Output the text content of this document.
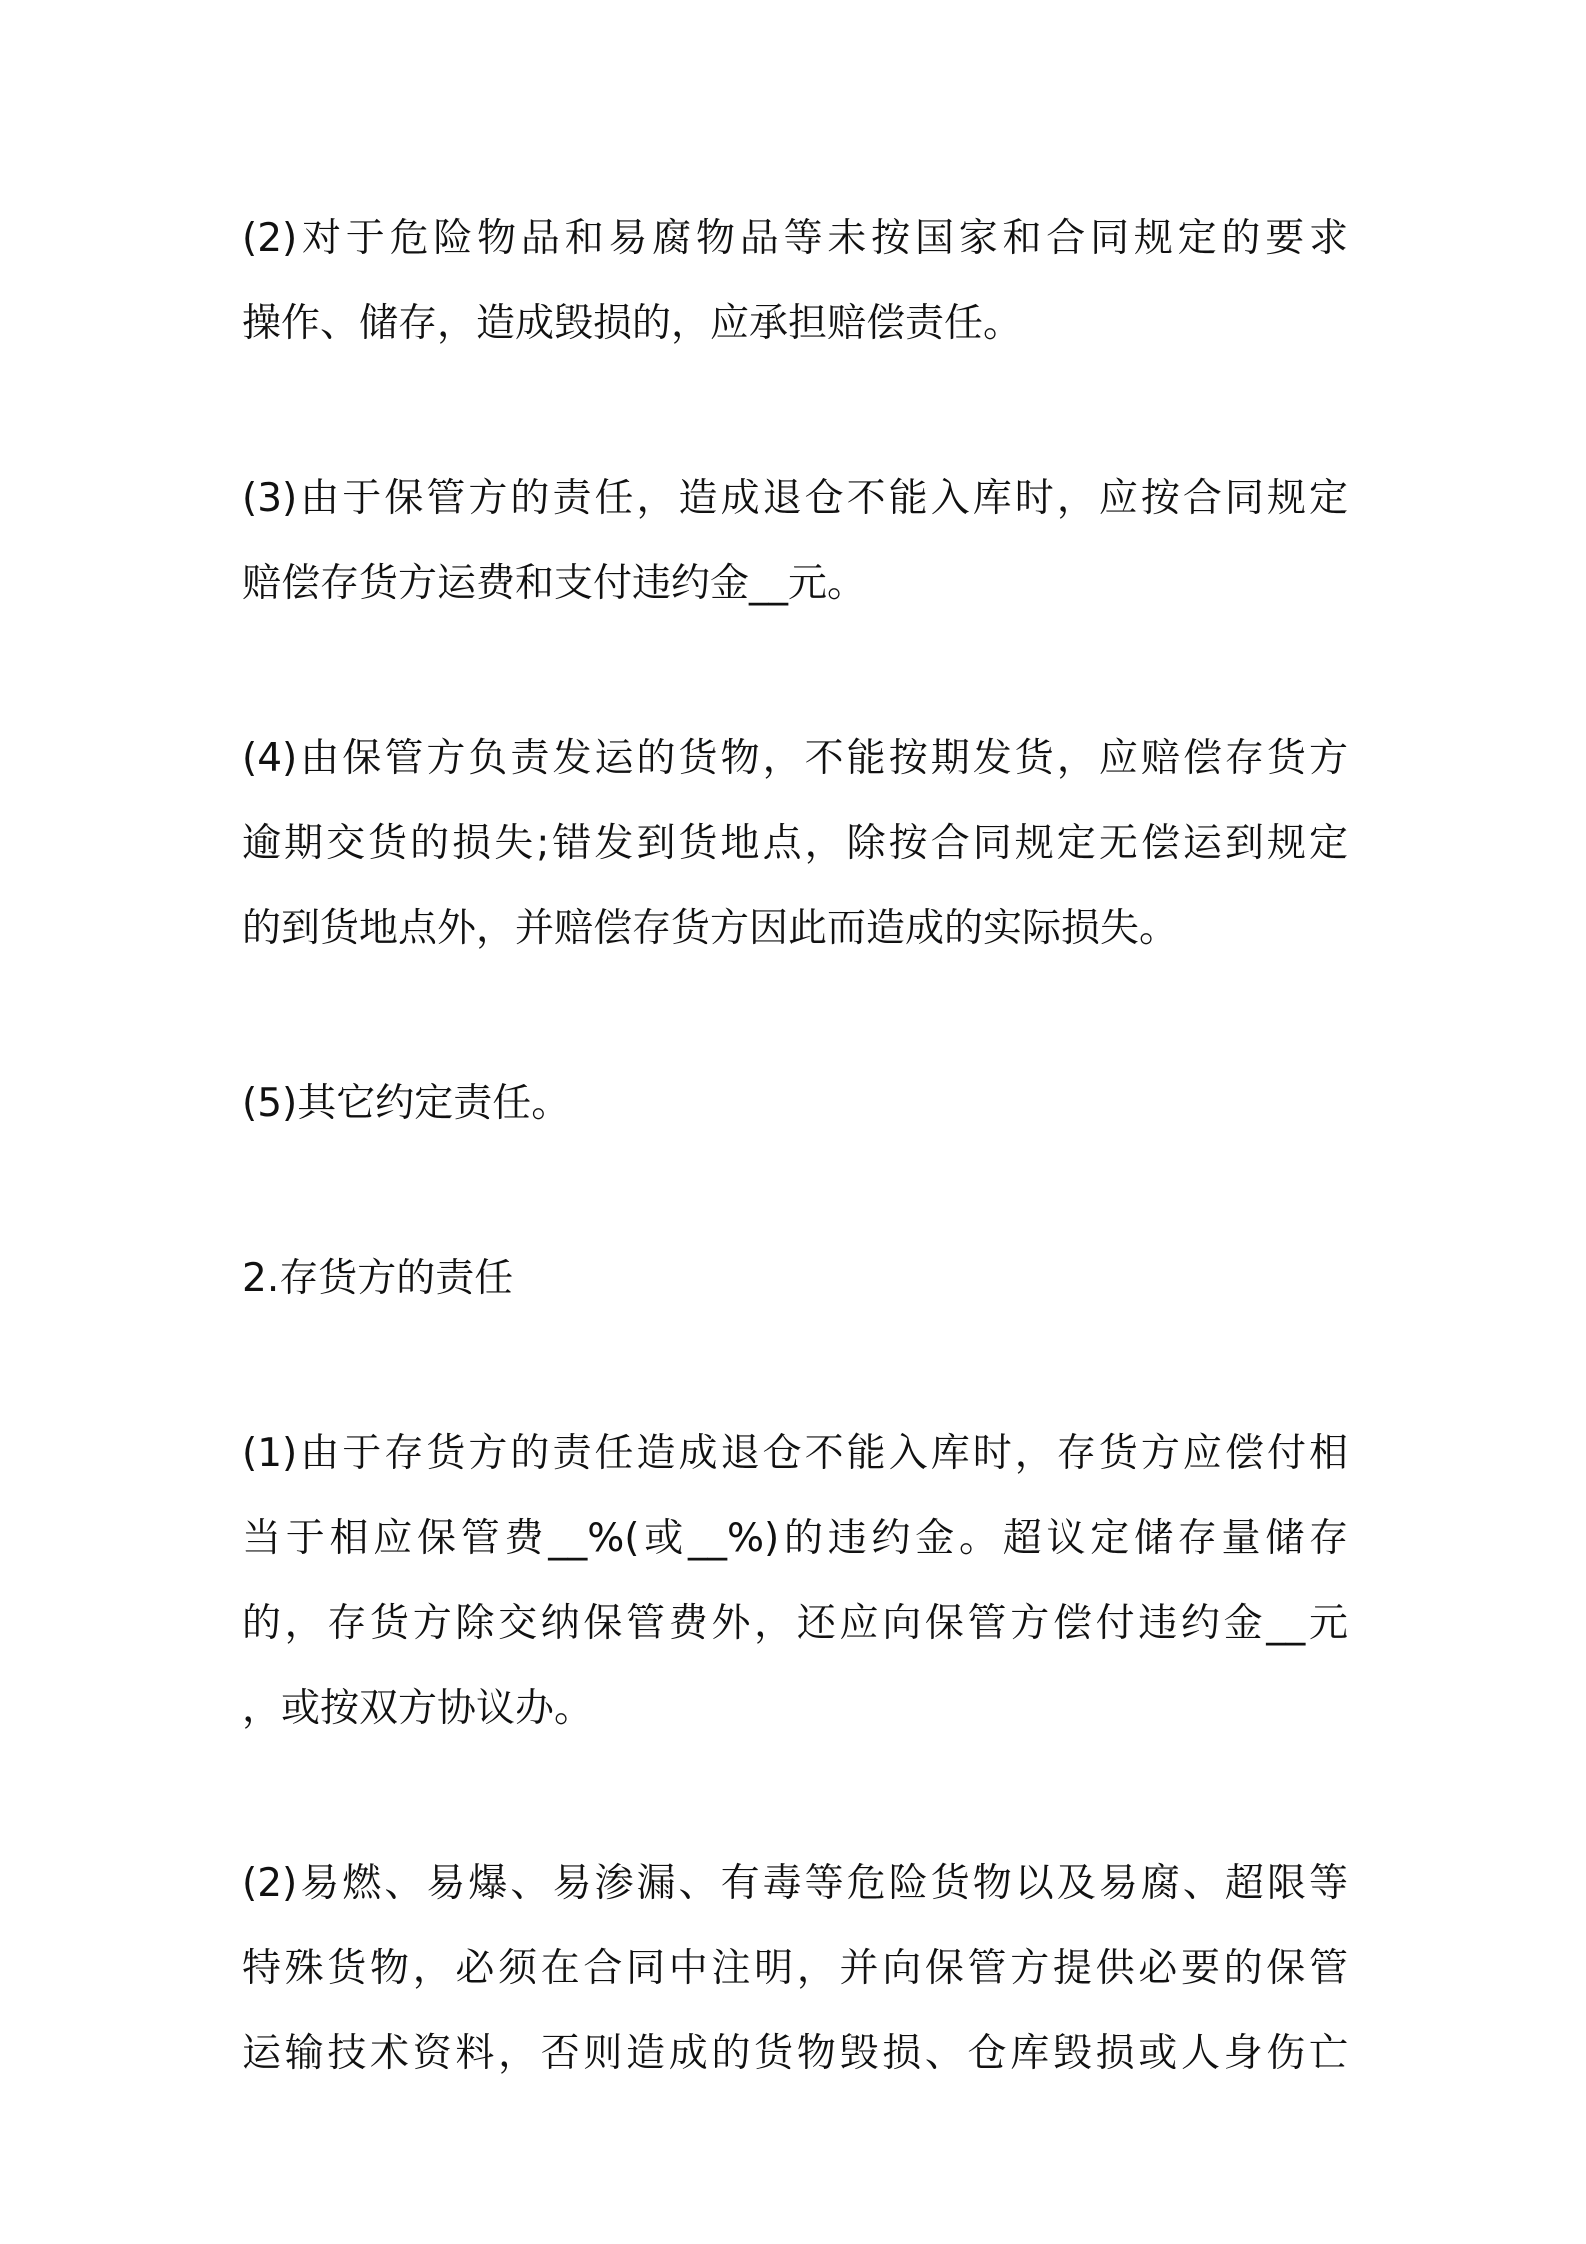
(2)对于危险物品和易腐物品等未按国家和合同规定的要求
操作、储存，造成毁损的，应承担赔偿责任。

(3)由于保管方的责任，造成退仓不能入库时，应按合同规定
赔偿存货方运费和支付违约金__元。

(4)由保管方负责发运的货物，不能按期发货，应赔偿存货方
逾期交货的损失;错发到货地点，除按合同规定无偿运到规定
的到货地点外，并赔偿存货方因此而造成的实际损失。

(5)其它约定责任。

2.存货方的责任

(1)由于存货方的责任造成退仓不能入库时，存货方应偿付相
当于相应保管费__%(或__%)的违约金。超议定储存量储存
的，存货方除交纳保管费外，还应向保管方偿付违约金__元
，或按双方协议办。

(2)易燃、易爆、易渗漏、有毒等危险货物以及易腐、超限等
特殊货物，必须在合同中注明，并向保管方提供必要的保管
运输技术资料，否则造成的货物毁损、仓库毁损或人身伤亡
